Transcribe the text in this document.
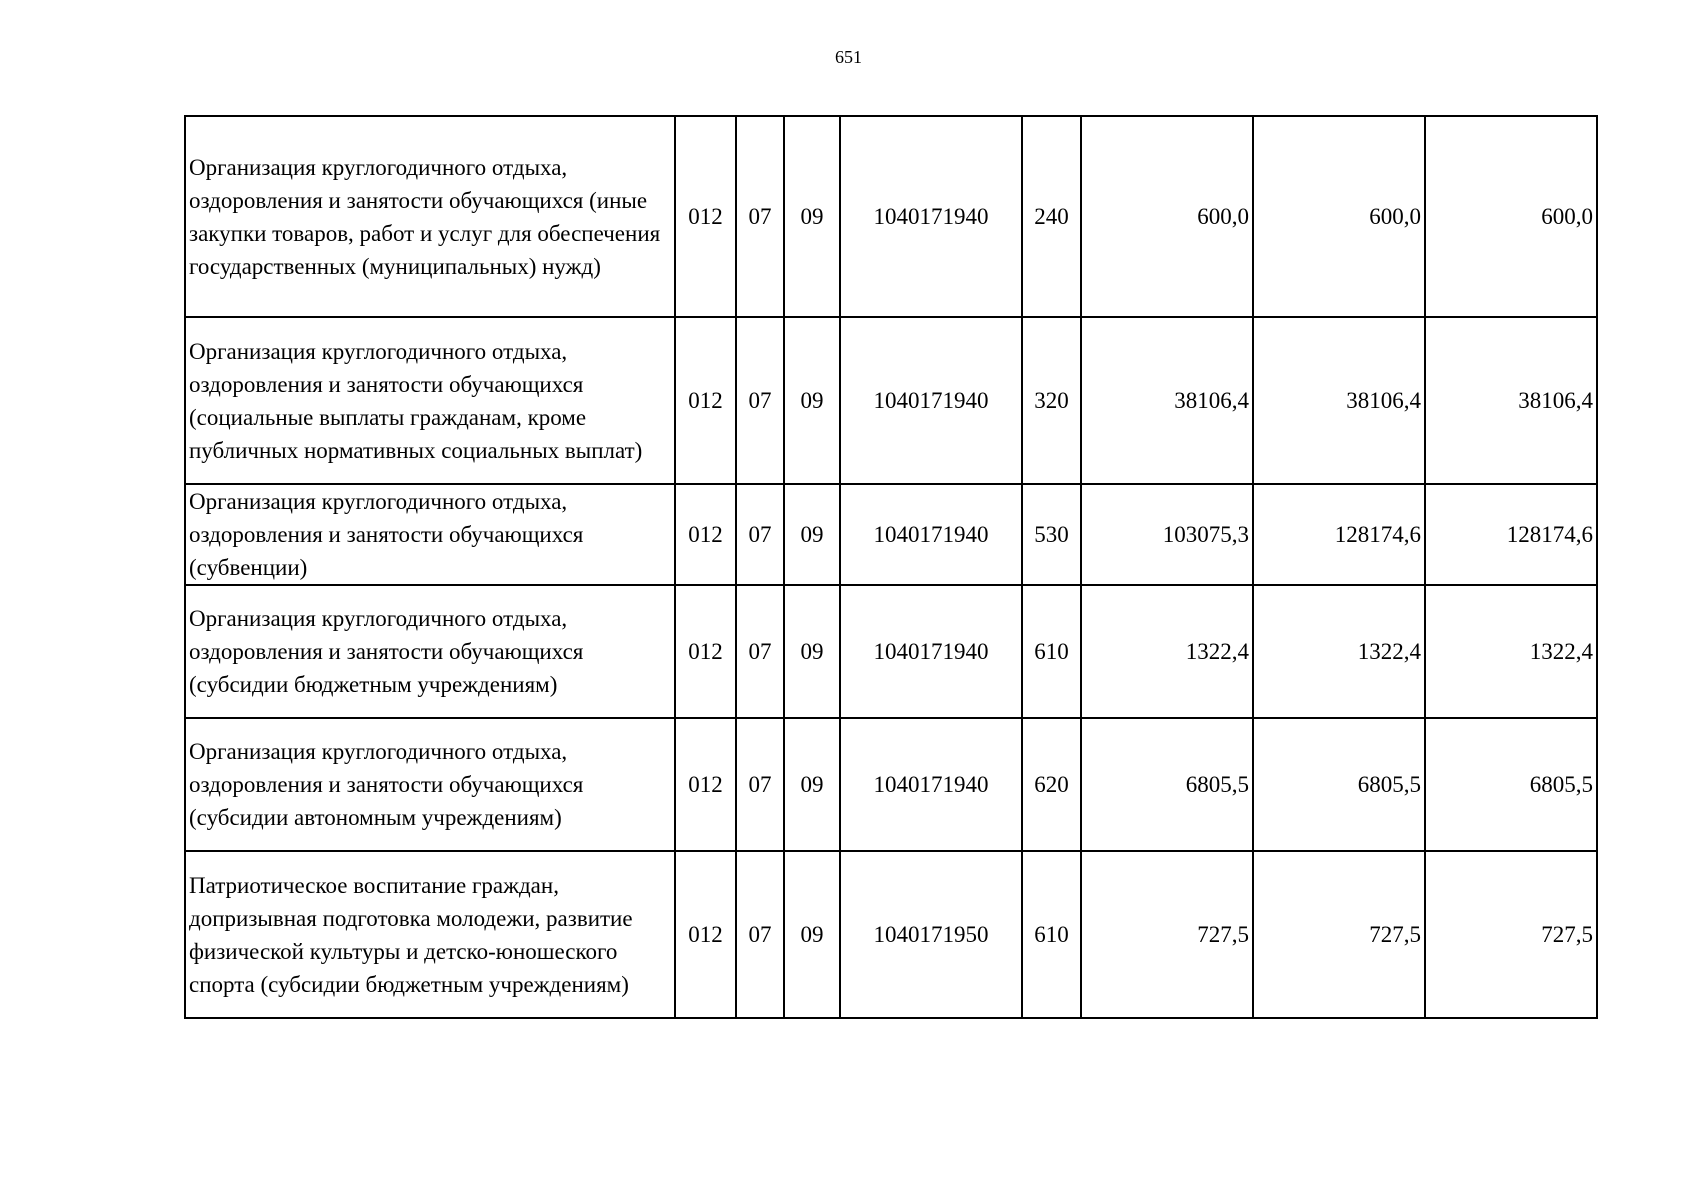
651
Организация круглогодичного отдыха, оздоровления и занятости обучающихся (иные закупки товаров, работ и услуг для обеспечения государственных (муниципальных) нужд)	012	07	09	1040171940	240	600,0	600,0	600,0
Организация круглогодичного отдыха, оздоровления и занятости обучающихся (социальные выплаты гражданам, кроме публичных нормативных социальных выплат)	012	07	09	1040171940	320	38106,4	38106,4	38106,4
Организация круглогодичного отдыха, оздоровления и занятости обучающихся (субвенции)	012	07	09	1040171940	530	103075,3	128174,6	128174,6
Организация круглогодичного отдыха, оздоровления и занятости обучающихся (субсидии бюджетным учреждениям)	012	07	09	1040171940	610	1322,4	1322,4	1322,4
Организация круглогодичного отдыха, оздоровления и занятости обучающихся (субсидии автономным учреждениям)	012	07	09	1040171940	620	6805,5	6805,5	6805,5
Патриотическое воспитание граждан, допризывная подготовка молодежи, развитие физической культуры и детско-юношеского спорта (субсидии бюджетным учреждениям)	012	07	09	1040171950	610	727,5	727,5	727,5
